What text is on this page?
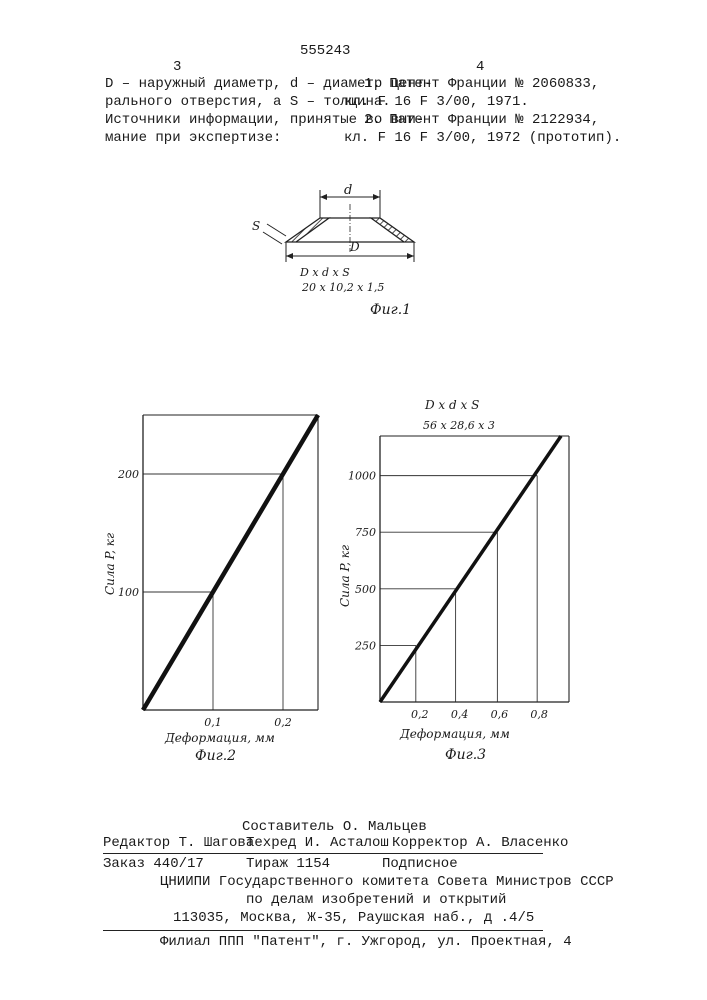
555243
3	4
D – наружный диаметр, d – диаметр цент-
рального отверстия, а S – толщина.
Источники информации, принятые во вни-
мание при экспертизе:
1. Патент Франции № 2060833,
кл. F 16 F 3/00, 1971.
2. Патент Франции № 2122934,
кл. F 16 F 3/00, 1972 (прототип).
d
D
S
D x d x S
20 x 10,2 x 1,5
Фиг.1
100
200
0,1	0,2
Сила P, кг
Деформация, мм
Фиг.2
D x d x S
56 x 28,6 x 3
250
500
750
1000
0,2 0,4 0,6 0,8
Сила P, кг
Деформация, мм
Фиг.3
Составитель О. Мальцев
Редактор Т. Шагова
Техред И. Асталош Корректор А. Власенко
Заказ 440/17	Тираж 1154	Подписное
ЦНИИПИ Государственного комитета Совета Министров СССР
по делам изобретений и открытий
113035, Москва, Ж-35, Раушская наб., д .4/5
Филиал ППП "Патент", г. Ужгород, ул. Проектная, 4
